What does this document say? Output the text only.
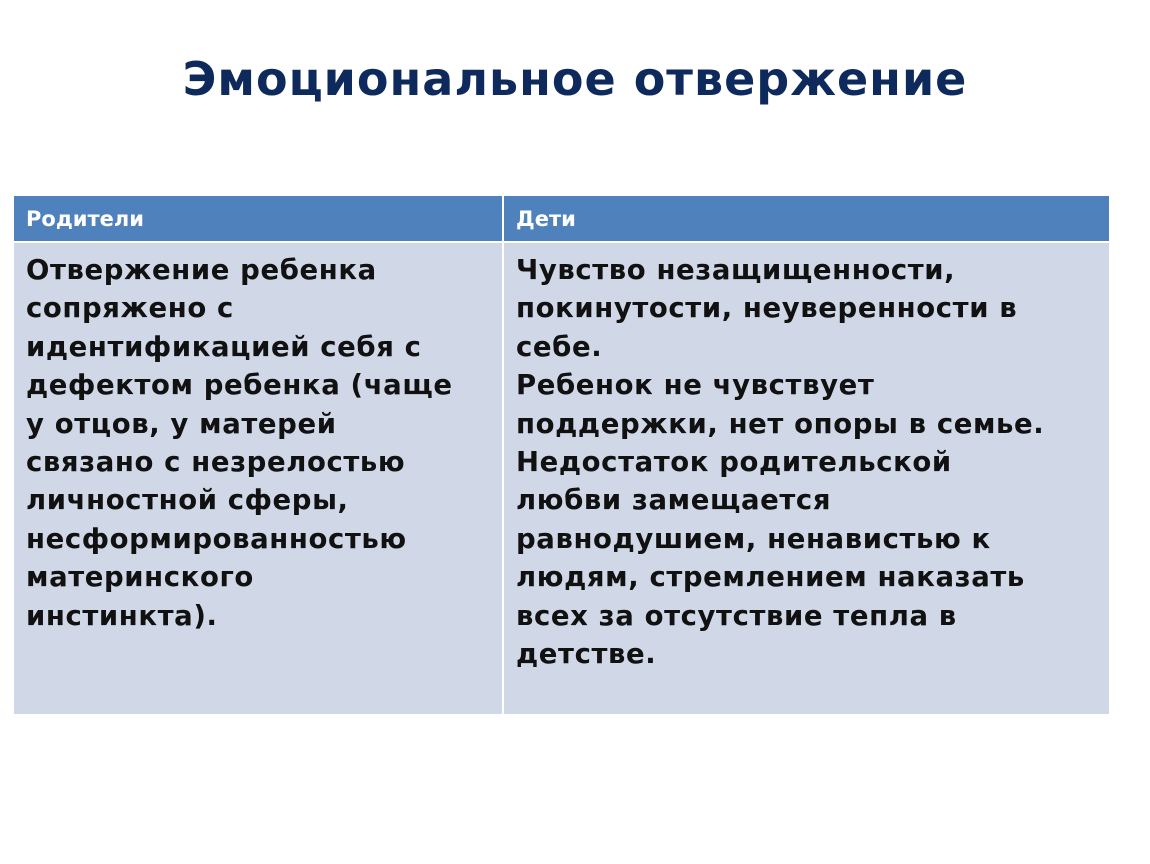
Эмоциональное отвержение
Родители	Дети

Отвержение ребенка
сопряжено с
идентификацией себя с
дефектом ребенка (чаще
у отцов, у матерей
связано с незрелостью
личностной сферы,
несформированностью
материнского
инстинкта).

Чувство незащищенности,
покинутости, неуверенности в
себе.
Ребенок не чувствует
поддержки, нет опоры в семье.
Недостаток родительской
любви замещается
равнодушием, ненавистью к
людям, стремлением наказать
всех за отсутствие тепла в
детстве.
